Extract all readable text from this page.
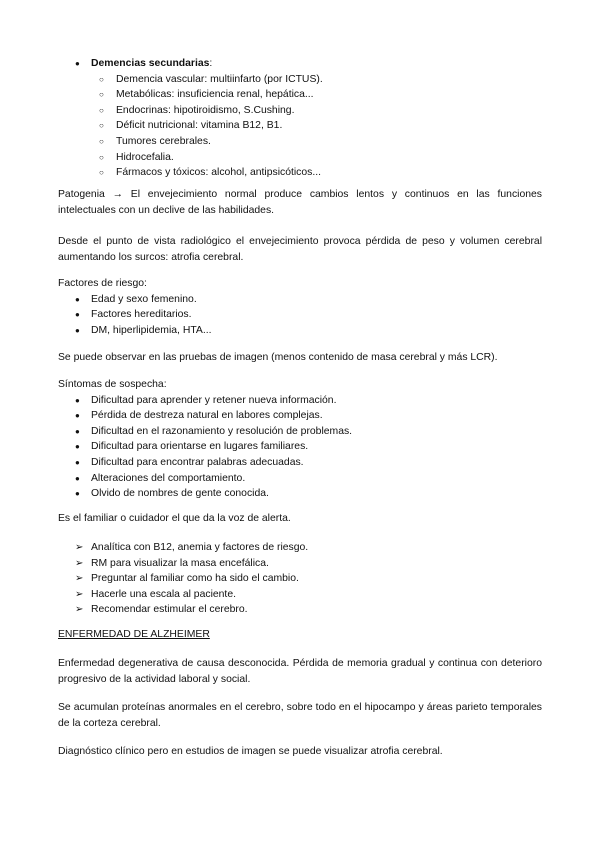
● Demencias secundarias:
○ Demencia vascular: multiinfarto (por ICTUS).
○ Metabólicas: insuficiencia renal, hepática...
○ Endocrinas: hipotiroidismo, S.Cushing.
○ Déficit nutricional: vitamina B12, B1.
○ Tumores cerebrales.
○ Hidrocefalia.
○ Fármacos y tóxicos: alcohol, antipsicóticos...
Patogenia → El envejecimiento normal produce cambios lentos y continuos en las funciones intelectuales con un declive de las habilidades.
Desde el punto de vista radiológico el envejecimiento provoca pérdida de peso y volumen cerebral aumentando los surcos: atrofia cerebral.
Factores de riesgo:
● Edad y sexo femenino.
● Factores hereditarios.
● DM, hiperlipidemia, HTA...
Se puede observar en las pruebas de imagen (menos contenido de masa cerebral y más LCR).
Síntomas de sospecha:
● Dificultad para aprender y retener nueva información.
● Pérdida de destreza natural en labores complejas.
● Dificultad en el razonamiento y resolución de problemas.
● Dificultad para orientarse en lugares familiares.
● Dificultad para encontrar palabras adecuadas.
● Alteraciones del comportamiento.
● Olvido de nombres de gente conocida.
Es el familiar o cuidador el que da la voz de alerta.
➢ Analítica con B12, anemia y factores de riesgo.
➢ RM para visualizar la masa encefálica.
➢ Preguntar al familiar como ha sido el cambio.
➢ Hacerle una escala al paciente.
➢ Recomendar estimular el cerebro.
ENFERMEDAD DE ALZHEIMER
Enfermedad degenerativa de causa desconocida. Pérdida de memoria gradual y continua con deterioro progresivo de la actividad laboral y social.
Se acumulan proteínas anormales en el cerebro, sobre todo en el hipocampo y áreas parieto temporales de la corteza cerebral.
Diagnóstico clínico pero en estudios de imagen se puede visualizar atrofia cerebral.
